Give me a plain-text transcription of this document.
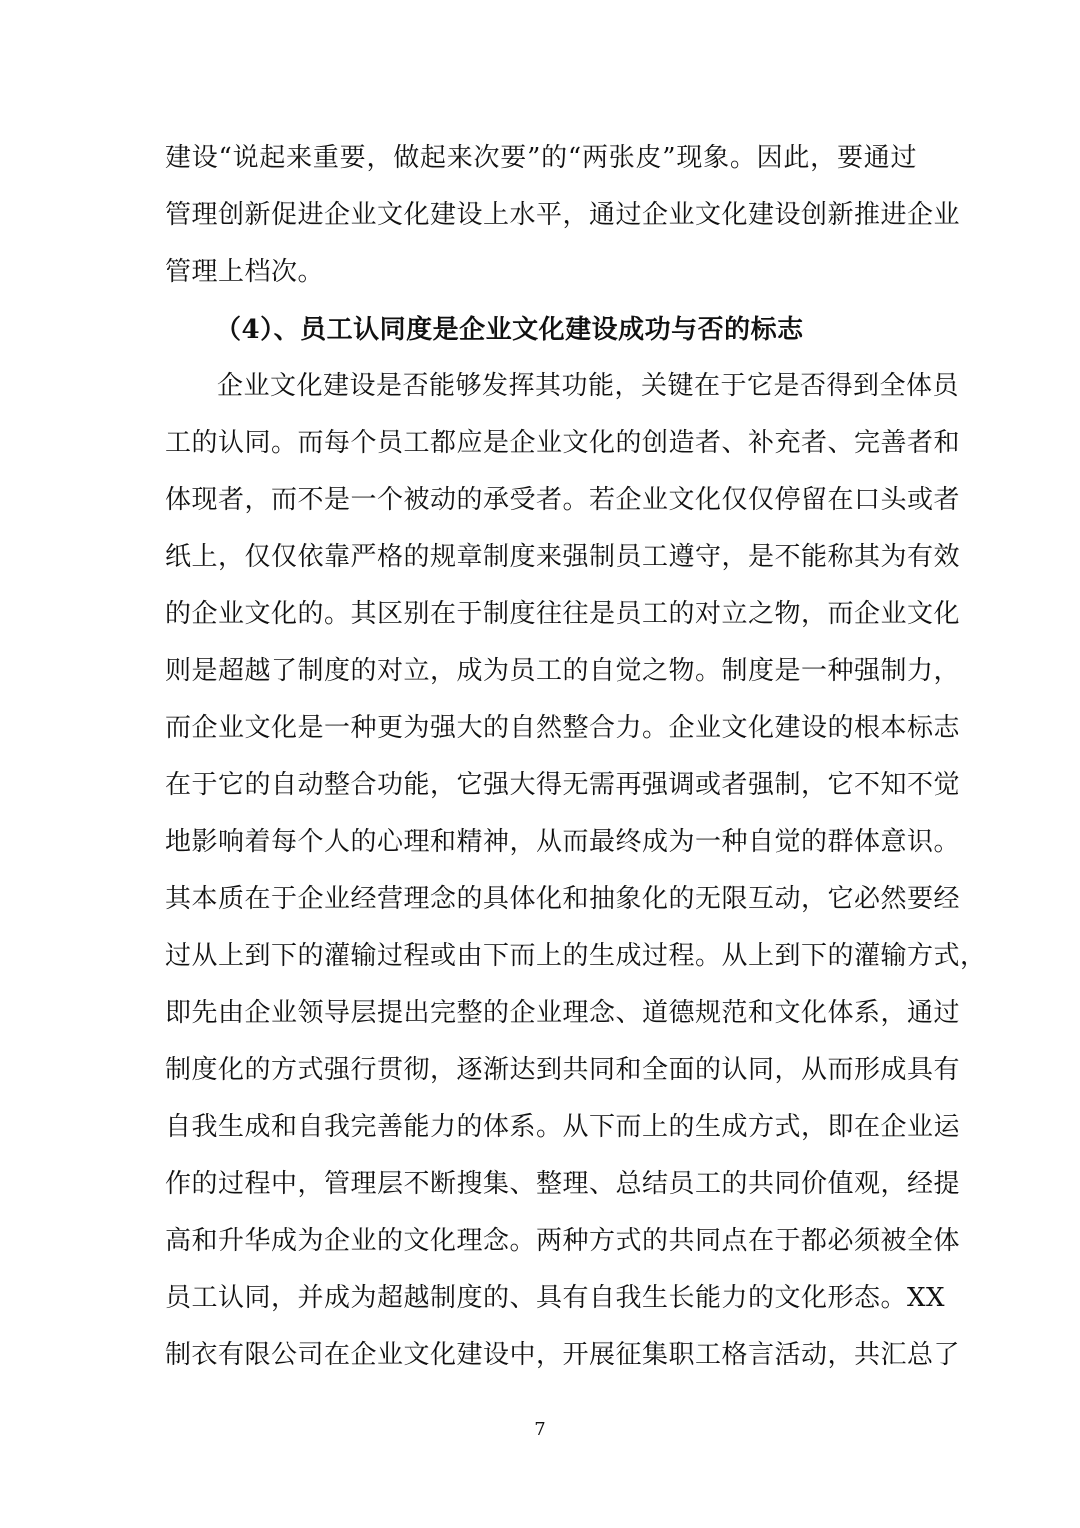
建设“说起来重要，做起来次要”的“两张皮”现象。因此，要通过
管理创新促进企业文化建设上水平，通过企业文化建设创新推进企业
管理上档次。
（4）、员工认同度是企业文化建设成功与否的标志
企业文化建设是否能够发挥其功能，关键在于它是否得到全体员
工的认同。而每个员工都应是企业文化的创造者、补充者、完善者和
体现者，而不是一个被动的承受者。若企业文化仅仅停留在口头或者
纸上，仅仅依靠严格的规章制度来强制员工遵守，是不能称其为有效
的企业文化的。其区别在于制度往往是员工的对立之物，而企业文化
则是超越了制度的对立，成为员工的自觉之物。制度是一种强制力，
而企业文化是一种更为强大的自然整合力。企业文化建设的根本标志
在于它的自动整合功能，它强大得无需再强调或者强制，它不知不觉
地影响着每个人的心理和精神，从而最终成为一种自觉的群体意识。
其本质在于企业经营理念的具体化和抽象化的无限互动，它必然要经
过从上到下的灌输过程或由下而上的生成过程。从上到下的灌输方式，
即先由企业领导层提出完整的企业理念、道德规范和文化体系，通过
制度化的方式强行贯彻，逐渐达到共同和全面的认同，从而形成具有
自我生成和自我完善能力的体系。从下而上的生成方式，即在企业运
作的过程中，管理层不断搜集、整理、总结员工的共同价值观，经提
高和升华成为企业的文化理念。两种方式的共同点在于都必须被全体
员工认同，并成为超越制度的、具有自我生长能力的文化形态。XX
制衣有限公司在企业文化建设中，开展征集职工格言活动，共汇总了
7
